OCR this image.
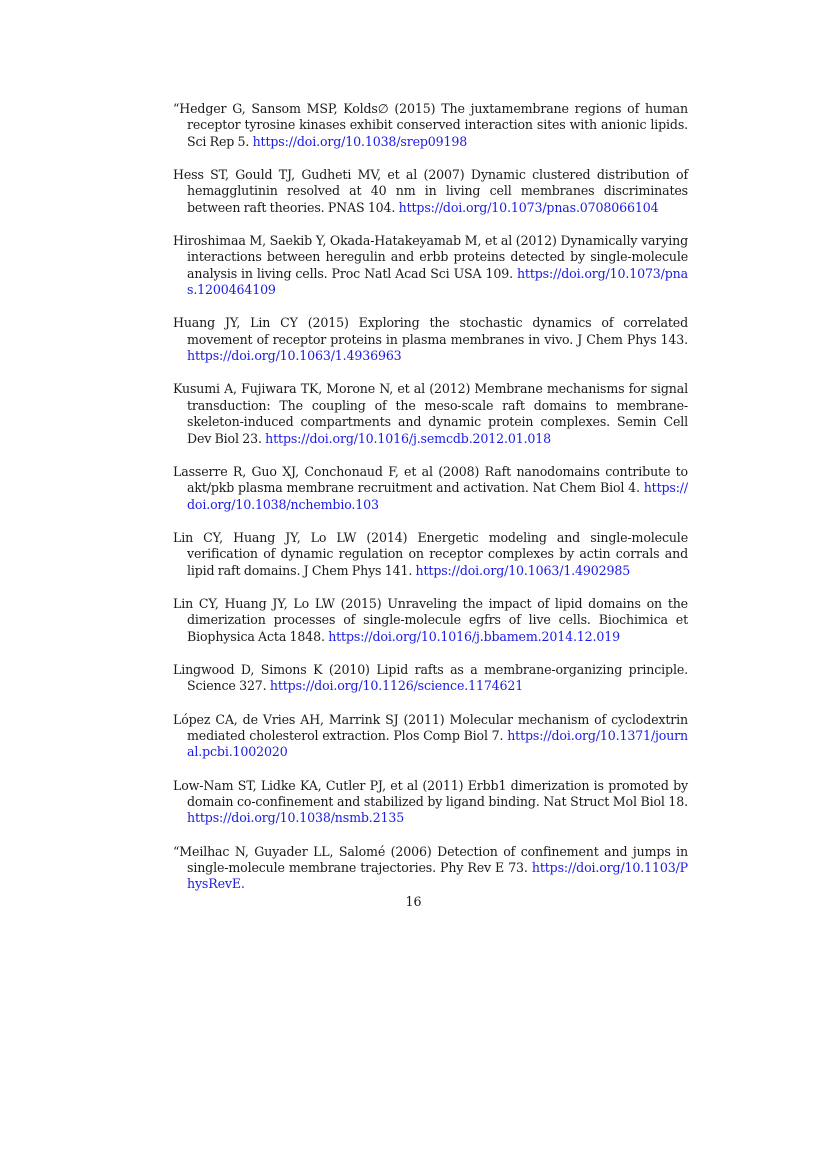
“Hedger G, Sansom MSP, Kolds∅ (2015) The juxtamembrane regions of human receptor tyrosine kinases exhibit conserved interaction sites with anionic lipids. Sci Rep 5. https://doi.org/10.1038/srep09198

Hess ST, Gould TJ, Gudheti MV, et al (2007) Dynamic clustered distribution of hemagglutinin resolved at 40 nm in living cell membranes discriminates between raft theories. PNAS 104. https://doi.org/10.1073/pnas.0708066104

Hiroshimaa M, Saekib Y, Okada-Hatakeyamab M, et al (2012) Dynamically varying interactions between heregulin and erbb proteins detected by single-molecule analysis in living cells. Proc Natl Acad Sci USA 109. https://doi.org/10.1073/pnas.1200464109

Huang JY, Lin CY (2015) Exploring the stochastic dynamics of correlated movement of receptor proteins in plasma membranes in vivo. J Chem Phys 143. https://doi.org/10.1063/1.4936963

Kusumi A, Fujiwara TK, Morone N, et al (2012) Membrane mechanisms for signal transduction: The coupling of the meso-scale raft domains to membrane-skeleton-induced compartments and dynamic protein complexes. Semin Cell Dev Biol 23. https://doi.org/10.1016/j.semcdb.2012.01.018

Lasserre R, Guo XJ, Conchonaud F, et al (2008) Raft nanodomains contribute to akt/pkb plasma membrane recruitment and activation. Nat Chem Biol 4. https://doi.org/10.1038/nchembio.103

Lin CY, Huang JY, Lo LW (2014) Energetic modeling and single-molecule verification of dynamic regulation on receptor complexes by actin corrals and lipid raft domains. J Chem Phys 141. https://doi.org/10.1063/1.4902985

Lin CY, Huang JY, Lo LW (2015) Unraveling the impact of lipid domains on the dimerization processes of single-molecule egfrs of live cells. Biochimica et Biophysica Acta 1848. https://doi.org/10.1016/j.bbamem.2014.12.019

Lingwood D, Simons K (2010) Lipid rafts as a membrane-organizing principle. Science 327. https://doi.org/10.1126/science.1174621

López CA, de Vries AH, Marrink SJ (2011) Molecular mechanism of cyclodextrin mediated cholesterol extraction. Plos Comp Biol 7. https://doi.org/10.1371/journal.pcbi.1002020

Low-Nam ST, Lidke KA, Cutler PJ, et al (2011) Erbb1 dimerization is promoted by domain co-confinement and stabilized by ligand binding. Nat Struct Mol Biol 18. https://doi.org/10.1038/nsmb.2135

“Meilhac N, Guyader LL, Salomé (2006) Detection of confinement and jumps in single-molecule membrane trajectories. Phy Rev E 73. https://doi.org/10.1103/PhysRevE.

16
